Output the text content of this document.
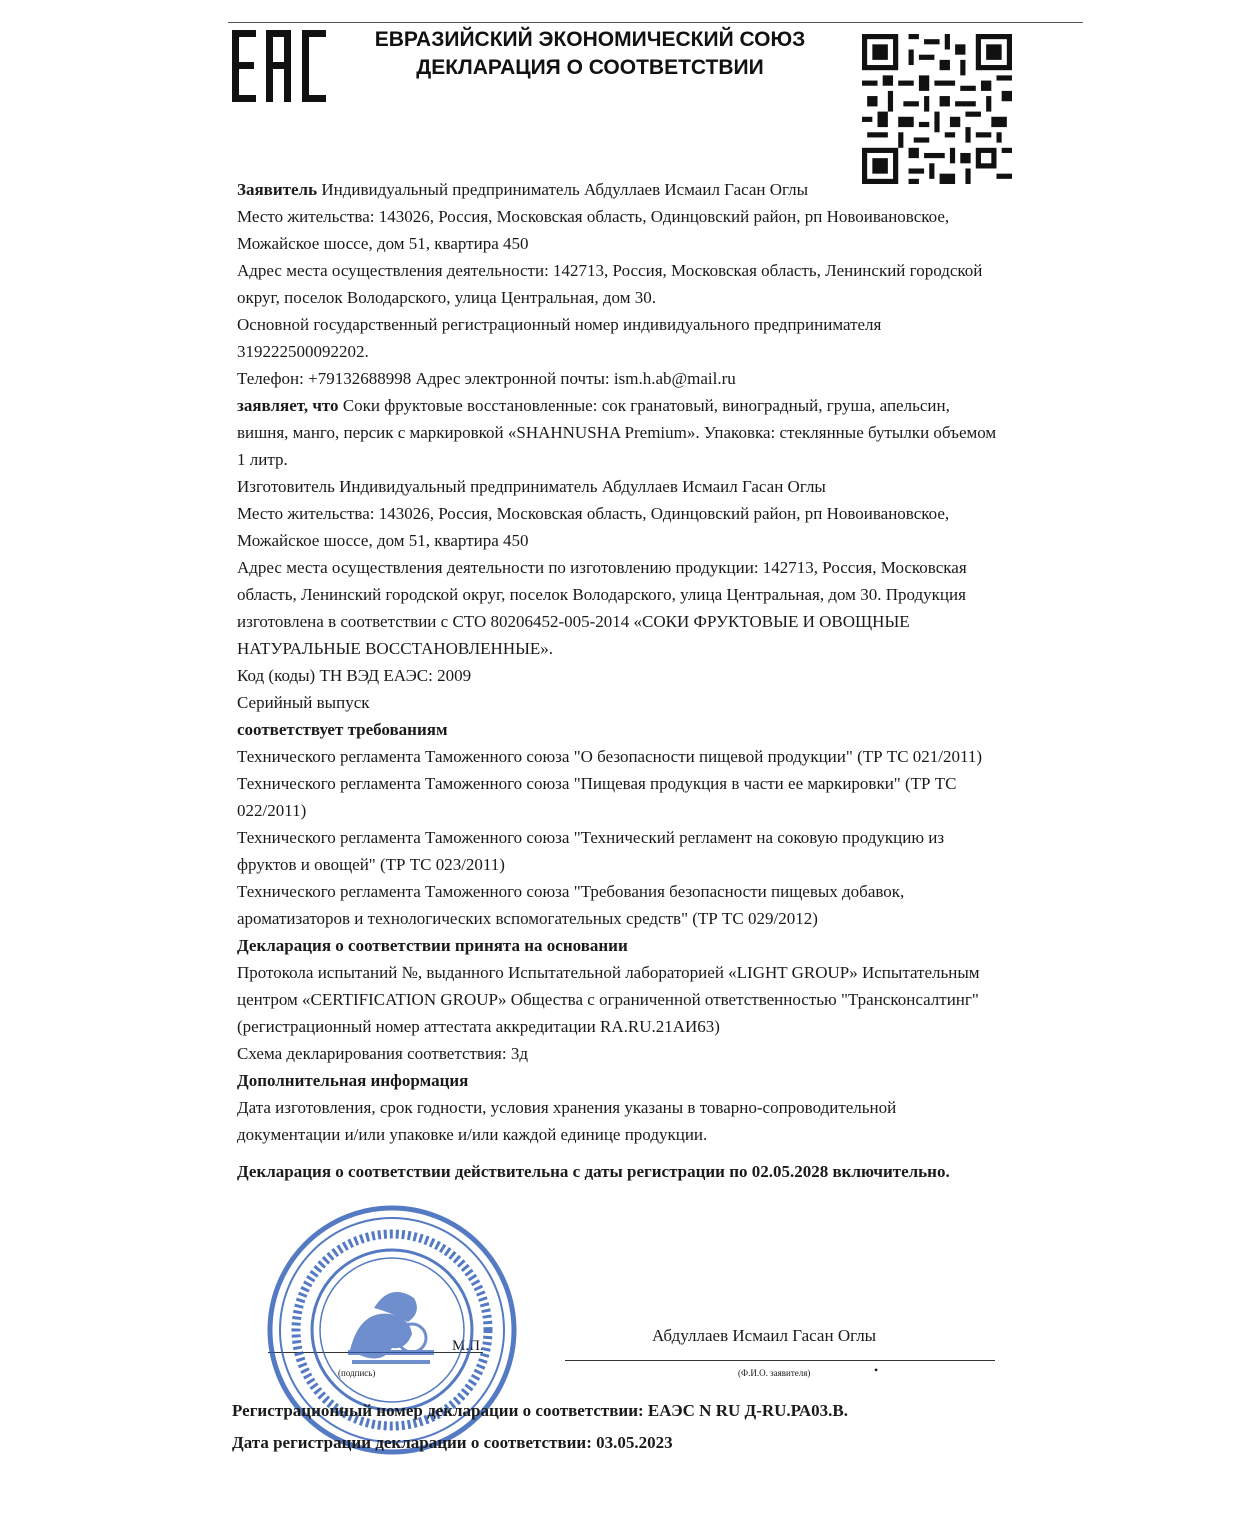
ЕВРАЗИЙСКИЙ ЭКОНОМИЧЕСКИЙ СОЮЗ
ДЕКЛАРАЦИЯ О СООТВЕТСТВИИ

Заявитель Индивидуальный предприниматель Абдуллаев Исмаил Гасан Оглы

Место жительства: 143026, Россия, Московская область, Одинцовский район, рп Новоивановское, Можайское шоссе, дом 51, квартира 450

Адрес места осуществления деятельности: 142713, Россия, Московская область, Ленинский городской округ, поселок Володарского, улица Центральная, дом 30.

Основной государственный регистрационный номер индивидуального предпринимателя 319222500092202.

Телефон: +79132688998 Адрес электронной почты: ism.h.ab@mail.ru

заявляет, что Соки фруктовые восстановленные: сок гранатовый, виноградный, груша, апельсин, вишня, манго, персик с маркировкой «SHAHNUSHA Premium». Упаковка: стеклянные бутылки объемом 1 литр.

Изготовитель Индивидуальный предприниматель Абдуллаев Исмаил Гасан Оглы

Место жительства: 143026, Россия, Московская область, Одинцовский район, рп Новоивановское, Можайское шоссе, дом 51, квартира 450

Адрес места осуществления деятельности по изготовлению продукции: 142713, Россия, Московская область, Ленинский городской округ, поселок Володарского, улица Центральная, дом 30. Продукция изготовлена в соответствии с СТО 80206452-005-2014 «СОКИ ФРУКТОВЫЕ И ОВОЩНЫЕ НАТУРАЛЬНЫЕ ВОССТАНОВЛЕННЫЕ».

Код (коды) ТН ВЭД ЕАЭС: 2009

Серийный выпуск

соответствует требованиям

Технического регламента Таможенного союза "О безопасности пищевой продукции" (ТР ТС 021/2011)

Технического регламента Таможенного союза "Пищевая продукция в части ее маркировки" (ТР ТС 022/2011)

Технического регламента Таможенного союза "Технический регламент на соковую продукцию из фруктов и овощей" (ТР ТС 023/2011)

Технического регламента Таможенного союза "Требования безопасности пищевых добавок, ароматизаторов и технологических вспомогательных средств" (ТР ТС 029/2012)

Декларация о соответствии принята на основании

Протокола испытаний №, выданного Испытательной лабораторией «LIGHT GROUP» Испытательным центром «CERTIFICATION GROUP» Общества с ограниченной ответственностью "Трансконсалтинг" (регистрационный номер аттестата аккредитации RA.RU.21АИ63)

Схема декларирования соответствия: 3д

Дополнительная информация

Дата изготовления, срок годности, условия хранения указаны в товарно-сопроводительной документации и/или упаковке и/или каждой единице продукции.

Декларация о соответствии действительна с даты регистрации по 02.05.2028 включительно.

М.П.
(подпись)
Абдуллаев Исмаил Гасан Оглы
(Ф.И.О. заявителя)	•
Регистрационный номер декларации о соответствии: ЕАЭС N RU Д-RU.РА03.В.
Дата регистрации декларации о соответствии: 03.05.2023
